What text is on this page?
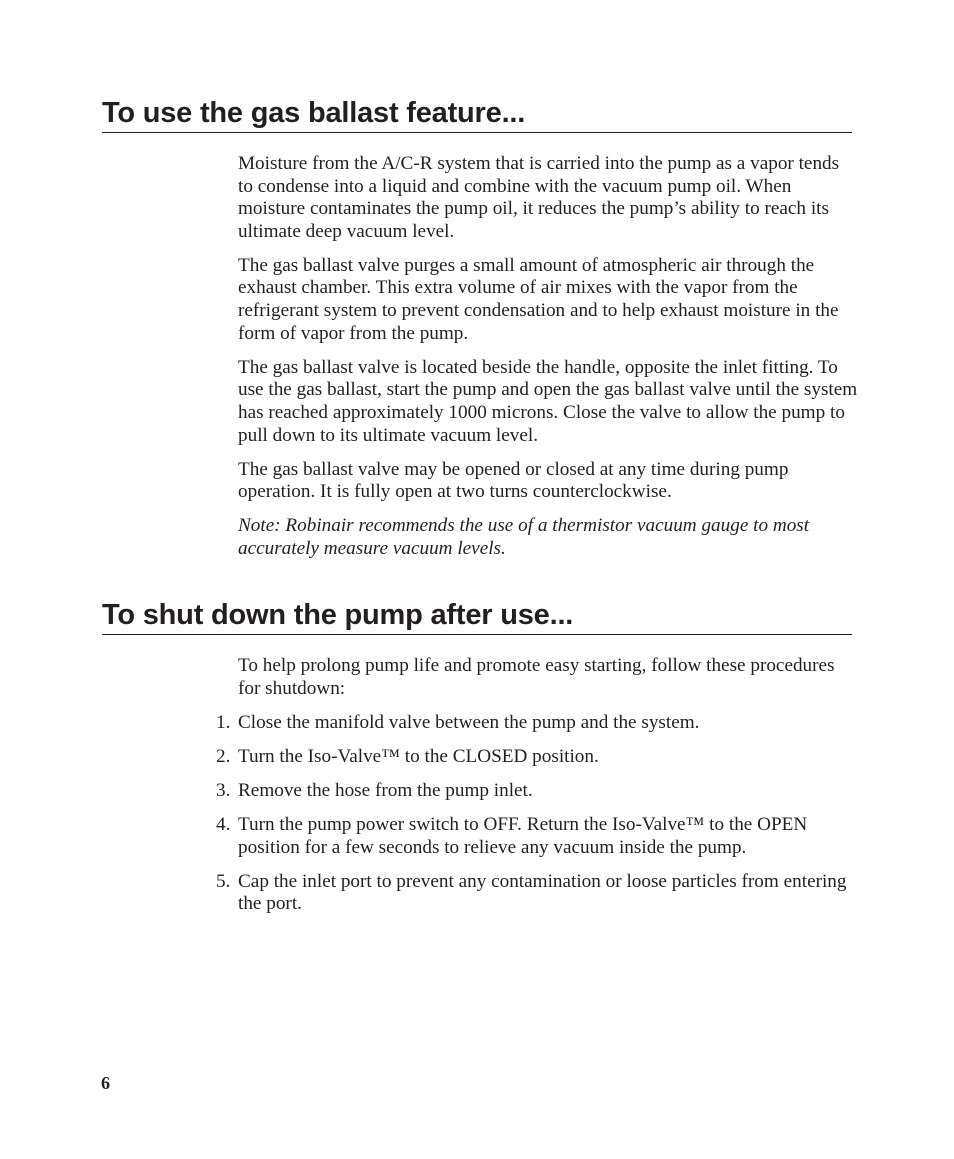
To use the gas ballast feature...

Moisture from the A/C-R system that is carried into the pump as a vapor tends to condense into a liquid and combine with the vacuum pump oil. When moisture contaminates the pump oil, it reduces the pump’s ability to reach its ultimate deep vacuum level.

The gas ballast valve purges a small amount of atmospheric air through the exhaust chamber. This extra volume of air mixes with the vapor from the refrigerant system to prevent condensation and to help exhaust moisture in the form of vapor from the pump.

The gas ballast valve is located beside the handle, opposite the inlet fitting. To use the gas ballast, start the pump and open the gas ballast valve until the system has reached approximately 1000 microns. Close the valve to allow the pump to pull down to its ultimate vacuum level.

The gas ballast valve may be opened or closed at any time during pump operation. It is fully open at two turns counterclockwise.

Note: Robinair recommends the use of a thermistor vacuum gauge to most accurately measure vacuum levels.

To shut down the pump after use...

To help prolong pump life and promote easy starting, follow these procedures for shutdown:

1. Close the manifold valve between the pump and the system.
2. Turn the Iso-Valve™ to the CLOSED position.
3. Remove the hose from the pump inlet.
4. Turn the pump power switch to OFF. Return the Iso-Valve™ to the OPEN position for a few seconds to relieve any vacuum inside the pump.
5. Cap the inlet port to prevent any contamination or loose particles from entering the port.
6
